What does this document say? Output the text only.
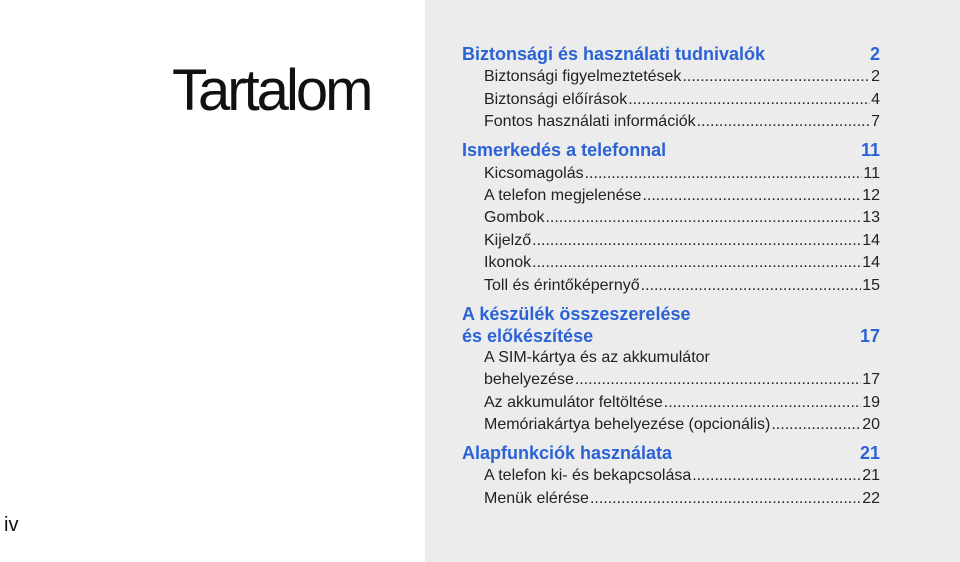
Tartalom
iv
Biztonsági és használati tudnivalók	2
Biztonsági figyelmeztetések .....	2
Biztonsági előírások .....	4
Fontos használati információk .....	7
Ismerkedés a telefonnal	11
Kicsomagolás .....	11
A telefon megjelenése .....	12
Gombok .....	13
Kijelző .....	14
Ikonok .....	14
Toll és érintőképernyő .....	15
A készülék összeszerelése
és előkészítése	17
A SIM-kártya és az akkumulátor
behelyezése .....	17
Az akkumulátor feltöltése .....	19
Memóriakártya behelyezése (opcionális) .....	20
Alapfunkciók használata	21
A telefon ki- és bekapcsolása .....	21
Menük elérése .....	22
